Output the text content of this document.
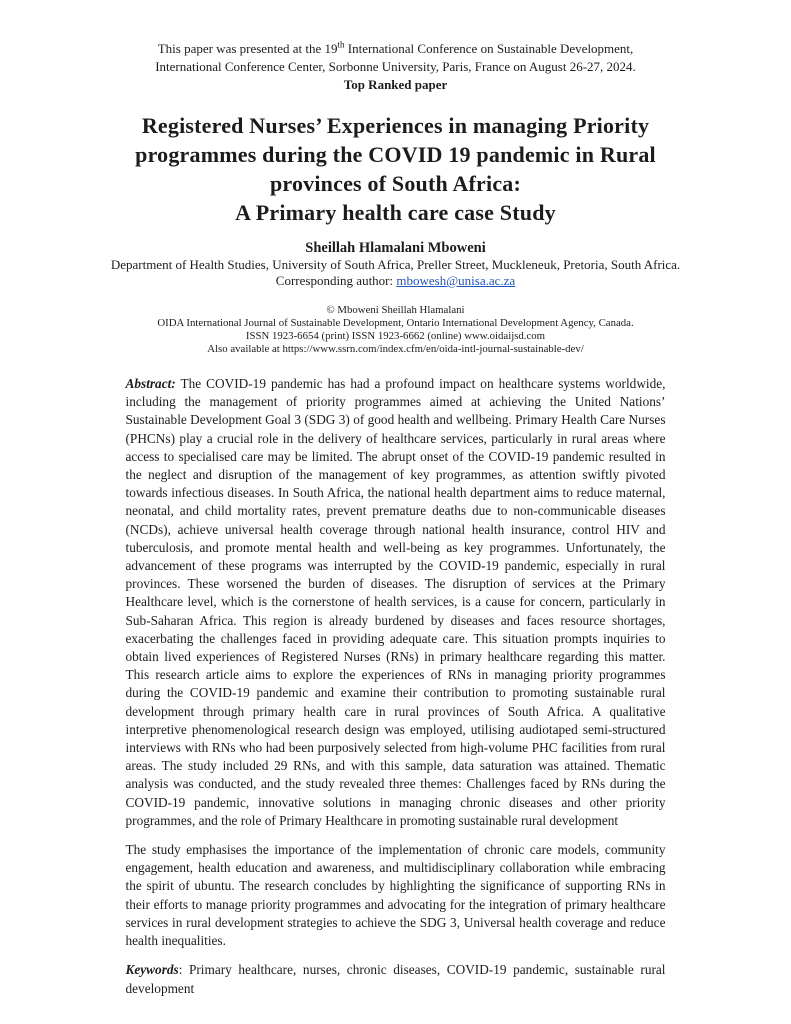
This paper was presented at the 19th International Conference on Sustainable Development,
International Conference Center, Sorbonne University, Paris, France on August 26-27, 2024.
Top Ranked paper
Registered Nurses’ Experiences in managing Priority
programmes during the COVID 19 pandemic in Rural
provinces of South Africa:
A Primary health care case Study
Sheillah Hlamalani Mboweni
Department of Health Studies, University of South Africa, Preller Street, Muckleneuk, Pretoria, South Africa.
Corresponding author: mbowesh@unisa.ac.za
© Mboweni Sheillah Hlamalani
OIDA International Journal of Sustainable Development, Ontario International Development Agency, Canada.
ISSN 1923-6654 (print) ISSN 1923-6662 (online) www.oidaijsd.com
Also available at https://www.ssrn.com/index.cfm/en/oida-intl-journal-sustainable-dev/

Abstract: The COVID-19 pandemic has had a profound impact on healthcare systems worldwide, including the management of priority programmes aimed at achieving the United Nations’ Sustainable Development Goal 3 (SDG 3) of good health and wellbeing. Primary Health Care Nurses (PHCNs) play a crucial role in the delivery of healthcare services, particularly in rural areas where access to specialised care may be limited. The abrupt onset of the COVID-19 pandemic resulted in the neglect and disruption of the management of key programmes, as attention swiftly pivoted towards infectious diseases. In South Africa, the national health department aims to reduce maternal, neonatal, and child mortality rates, prevent premature deaths due to non-communicable diseases (NCDs), achieve universal health coverage through national health insurance, control HIV and tuberculosis, and promote mental health and well-being as key programmes. Unfortunately, the advancement of these programs was interrupted by the COVID-19 pandemic, especially in rural provinces. These worsened the burden of diseases. The disruption of services at the Primary Healthcare level, which is the cornerstone of health services, is a cause for concern, particularly in Sub-Saharan Africa. This region is already burdened by diseases and faces resource shortages, exacerbating the challenges faced in providing adequate care. This situation prompts inquiries to obtain lived experiences of Registered Nurses (RNs) in primary healthcare regarding this matter. This research article aims to explore the experiences of RNs in managing priority programmes during the COVID-19 pandemic and examine their contribution to promoting sustainable rural development through primary health care in rural provinces of South Africa. A qualitative interpretive phenomenological research design was employed, utilising audiotaped semi-structured interviews with RNs who had been purposively selected from high-volume PHC facilities from rural areas. The study included 29 RNs, and with this sample, data saturation was attained. Thematic analysis was conducted, and the study revealed three themes: Challenges faced by RNs during the COVID-19 pandemic, innovative solutions in managing chronic diseases and other priority programmes, and the role of Primary Healthcare in promoting sustainable rural development

The study emphasises the importance of the implementation of chronic care models, community engagement, health education and awareness, and multidisciplinary collaboration while embracing the spirit of ubuntu. The research concludes by highlighting the significance of supporting RNs in their efforts to manage priority programmes and advocating for the integration of primary healthcare services in rural development strategies to achieve the SDG 3, Universal health coverage and reduce health inequalities.

Keywords: Primary healthcare, nurses, chronic diseases, COVID-19 pandemic, sustainable rural development
